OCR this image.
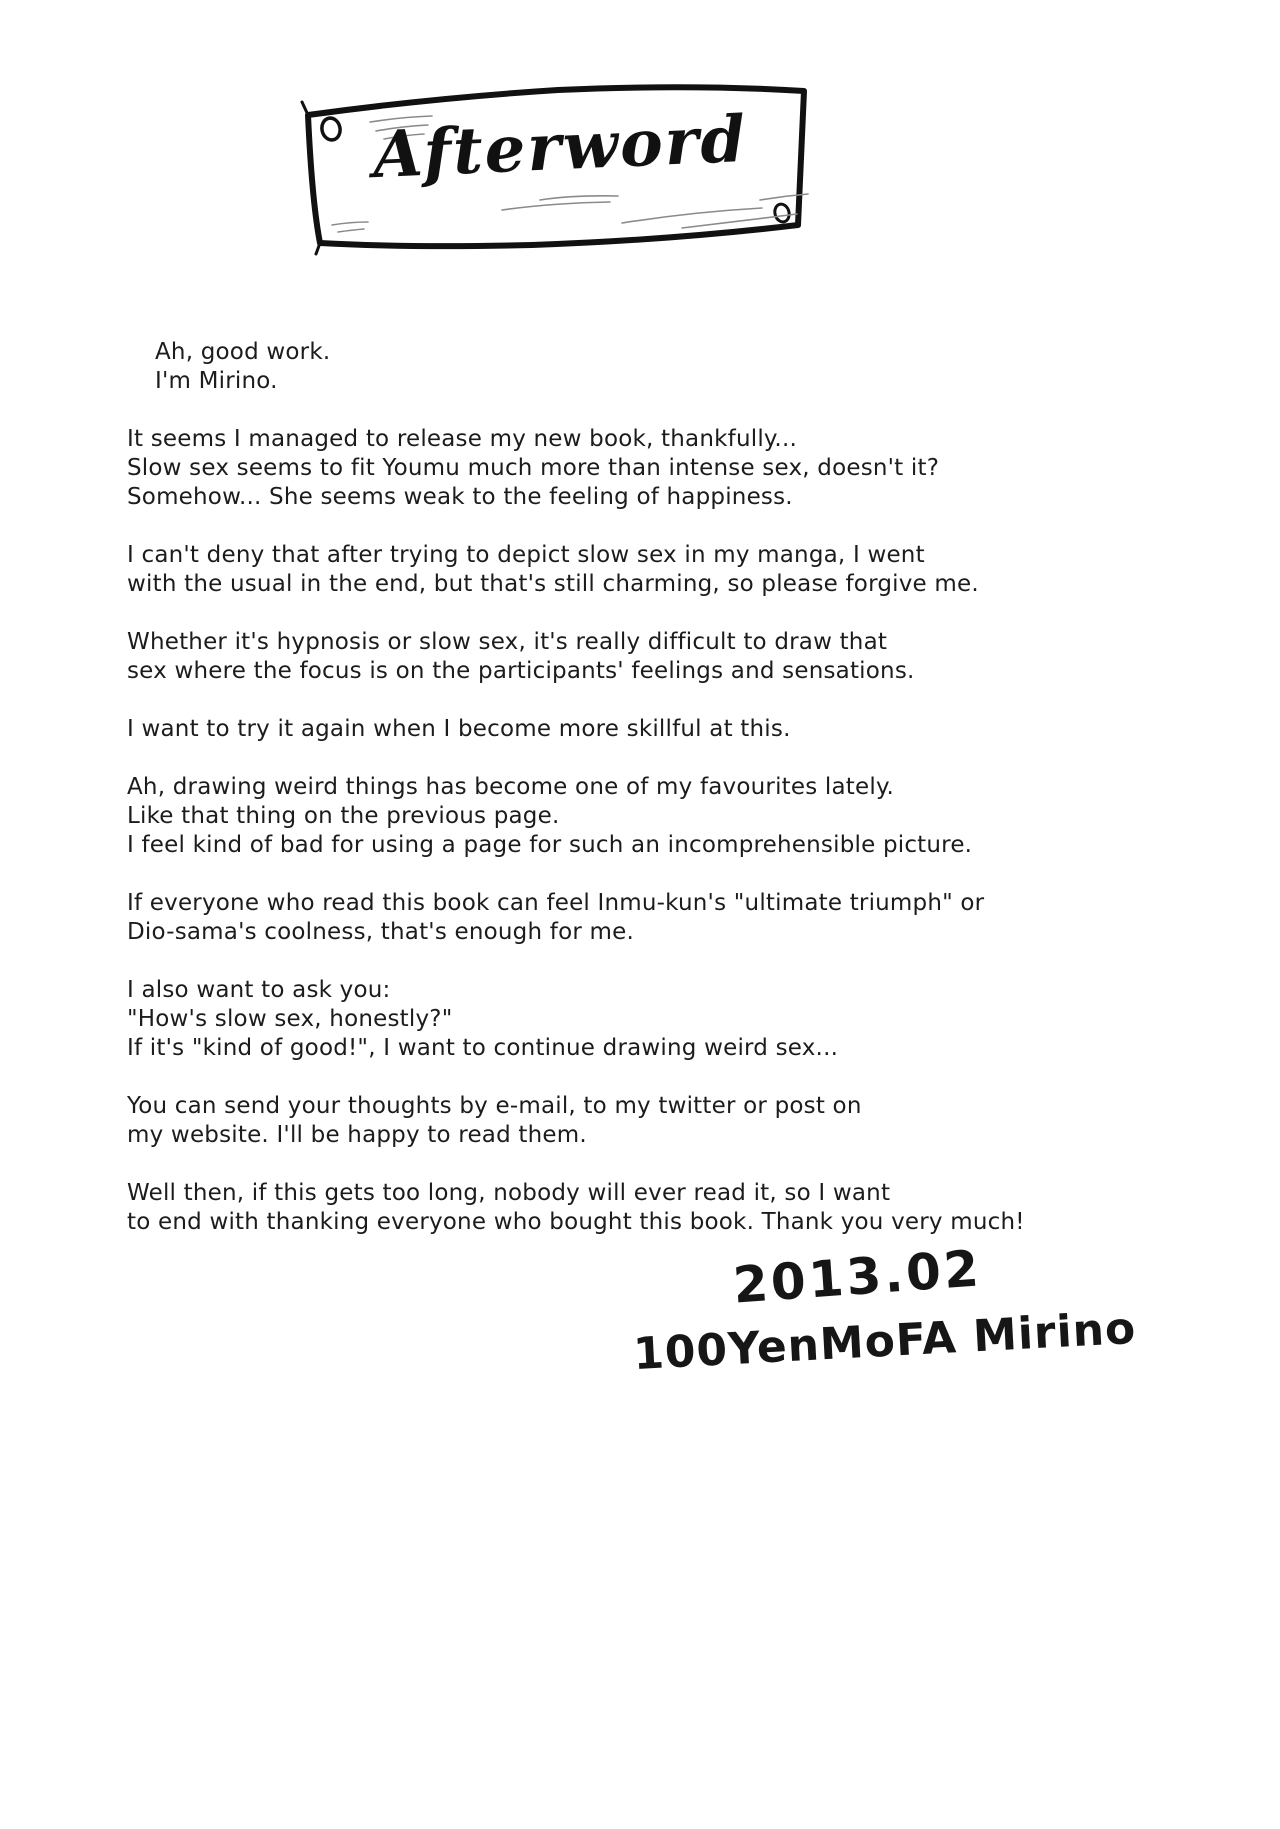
Afterword

Ah, good work.
I'm Mirino.

It seems I managed to release my new book, thankfully...
Slow sex seems to fit Youmu much more than intense sex, doesn't it?
Somehow... She seems weak to the feeling of happiness.

I can't deny that after trying to depict slow sex in my manga, I went
with the usual in the end, but that's still charming, so please forgive me.

Whether it's hypnosis or slow sex, it's really difficult to draw that
sex where the focus is on the participants' feelings and sensations.

I want to try it again when I become more skillful at this.

Ah, drawing weird things has become one of my favourites lately.
Like that thing on the previous page.
I feel kind of bad for using a page for such an incomprehensible picture.

If everyone who read this book can feel Inmu-kun's "ultimate triumph" or
Dio-sama's coolness, that's enough for me.

I also want to ask you:
"How's slow sex, honestly?"
If it's "kind of good!", I want to continue drawing weird sex...

You can send your thoughts by e-mail, to my twitter or post on
my website. I'll be happy to read them.

Well then, if this gets too long, nobody will ever read it, so I want
to end with thanking everyone who bought this book. Thank you very much!

2013.02
100YenMoFA Mirino
